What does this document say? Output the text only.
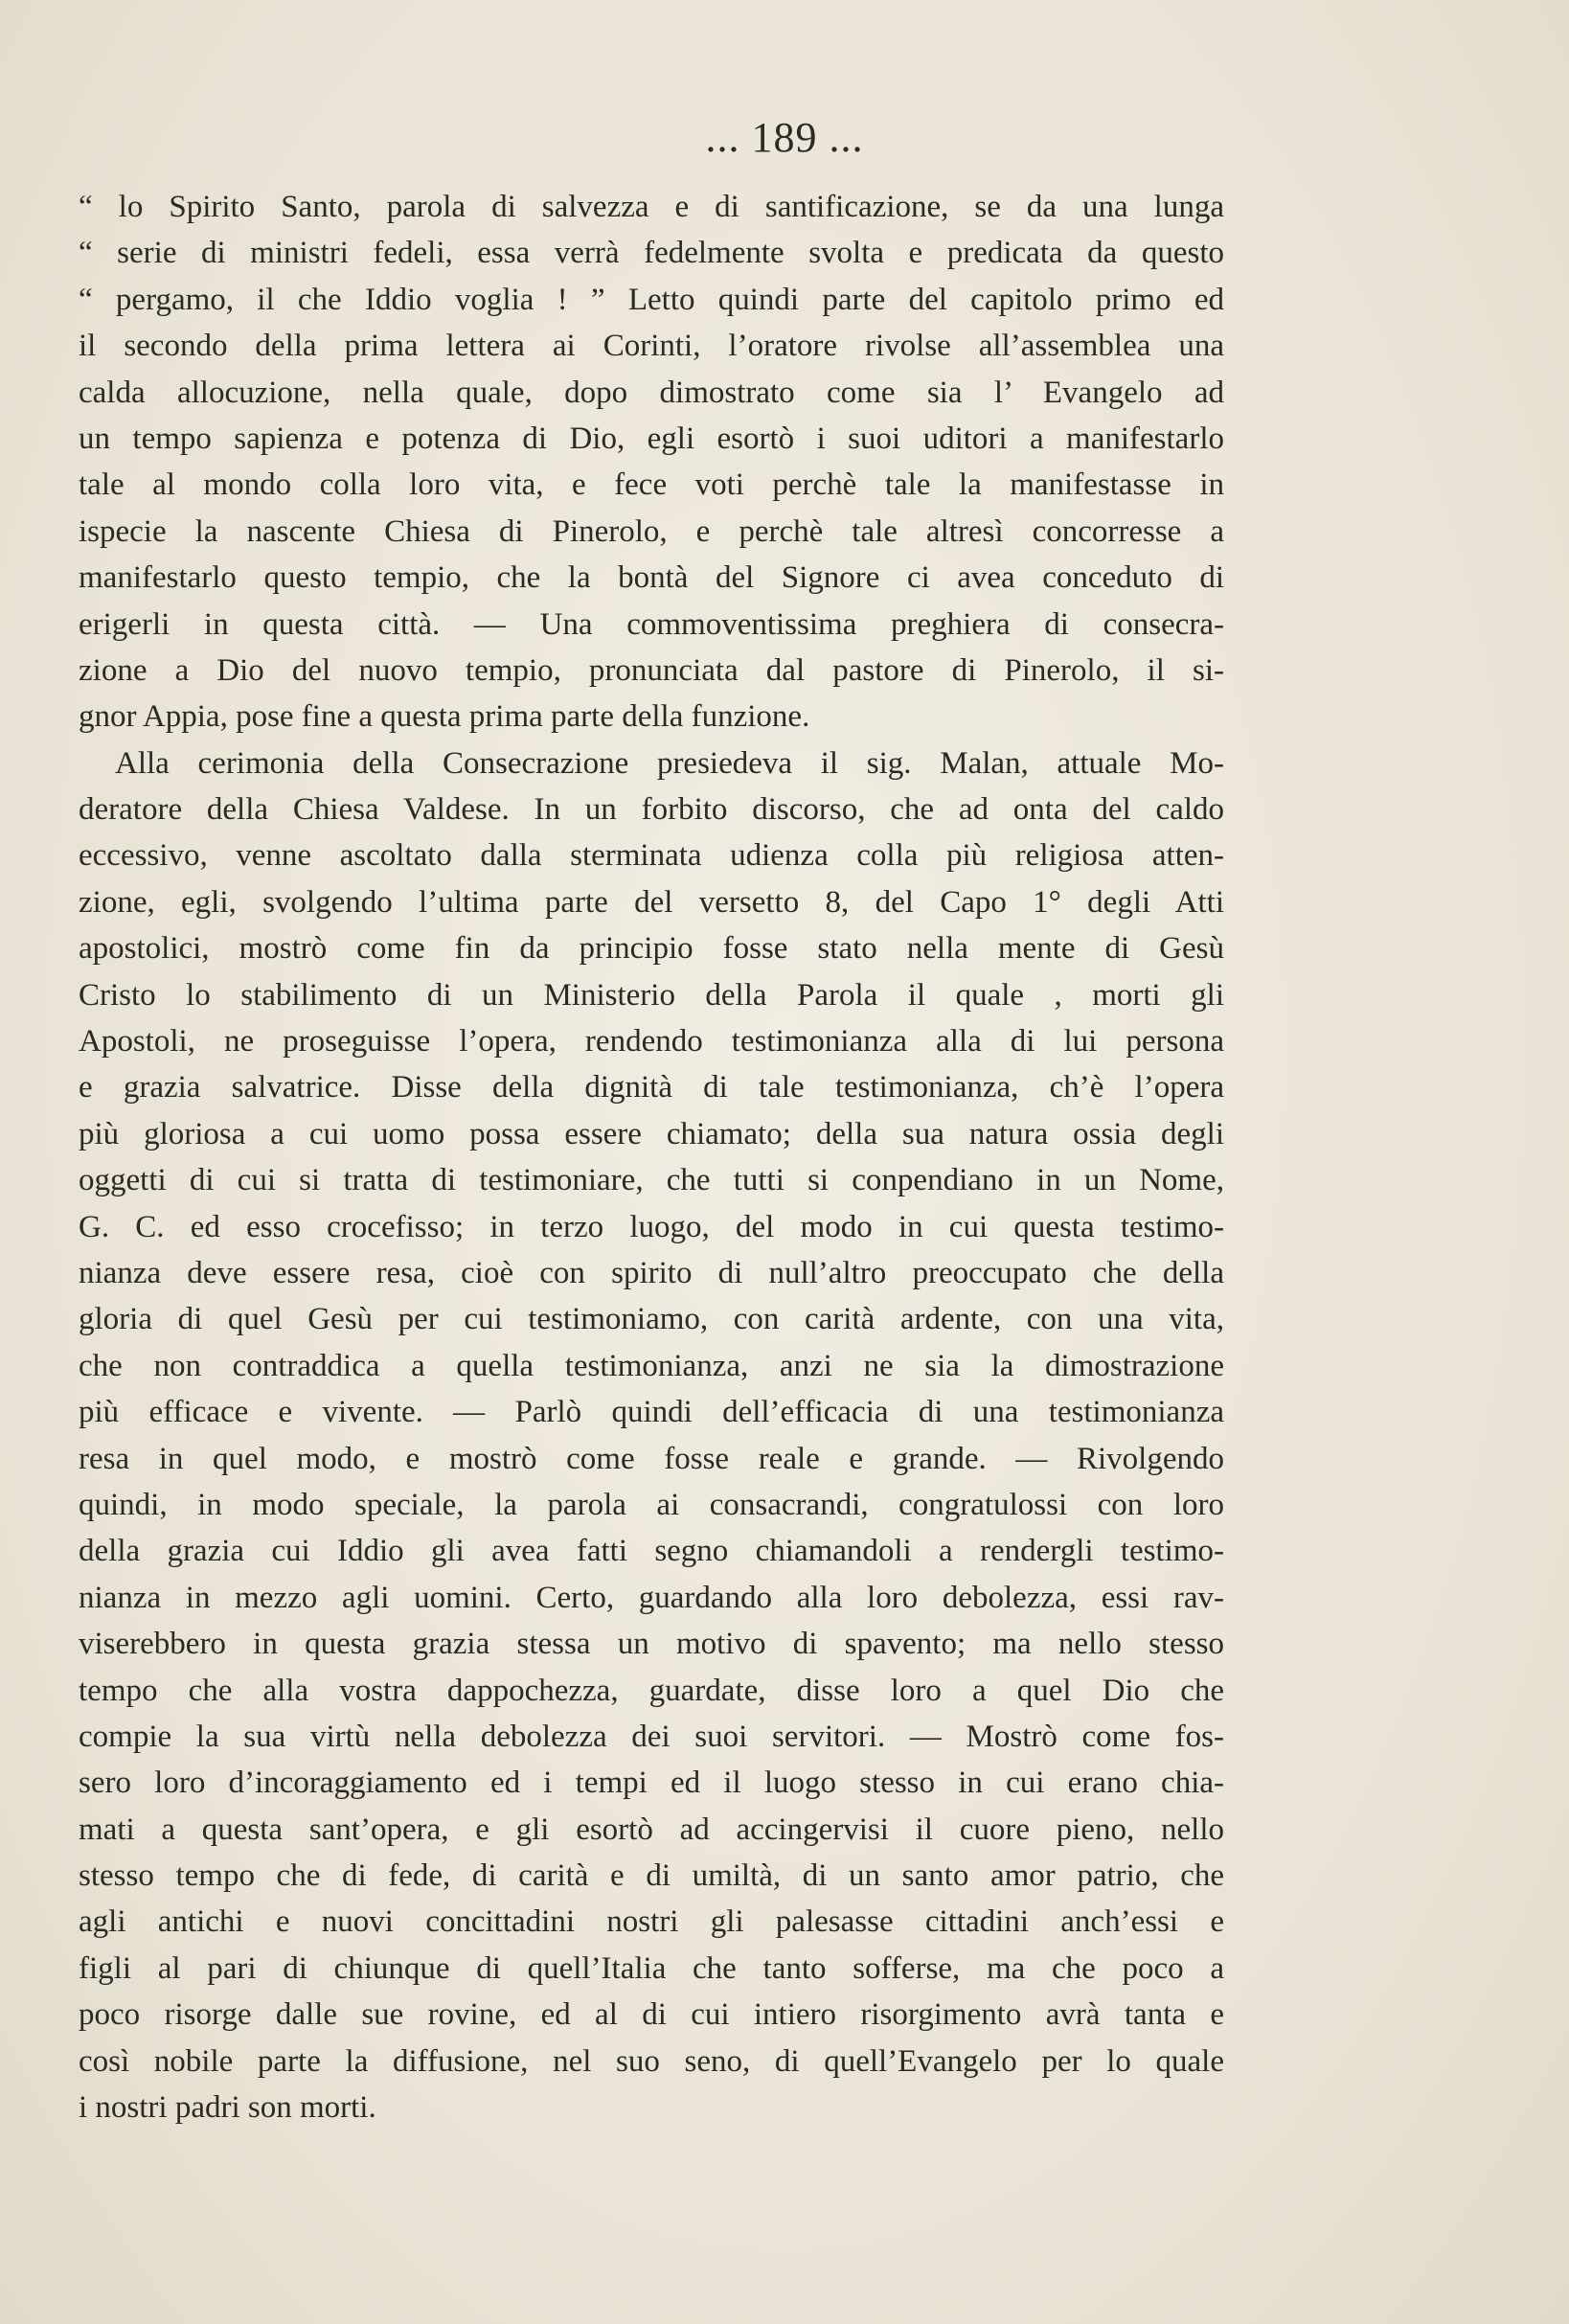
... 189 ...
“ lo Spirito Santo, parola di salvezza e di santificazione, se da una lunga
“ serie di ministri fedeli, essa verrà fedelmente svolta e predicata da questo
“ pergamo, il che Iddio voglia ! ” Letto quindi parte del capitolo primo ed
il secondo della prima lettera ai Corinti, l’oratore rivolse all’assemblea una
calda allocuzione, nella quale, dopo dimostrato come sia l’ Evangelo ad
un tempo sapienza e potenza di Dio, egli esortò i suoi uditori a manifestarlo
tale al mondo colla loro vita, e fece voti perchè tale la manifestasse in
ispecie la nascente Chiesa di Pinerolo, e perchè tale altresì concorresse a
manifestarlo questo tempio, che la bontà del Signore ci avea conceduto di
erigerli in questa città. — Una commoventissima preghiera di consecra-
zione a Dio del nuovo tempio, pronunciata dal pastore di Pinerolo, il si-
gnor Appia, pose fine a questa prima parte della funzione.
Alla cerimonia della Consecrazione presiedeva il sig. Malan, attuale Mo-
deratore della Chiesa Valdese. In un forbito discorso, che ad onta del caldo
eccessivo, venne ascoltato dalla sterminata udienza colla più religiosa atten-
zione, egli, svolgendo l’ultima parte del versetto 8, del Capo 1° degli Atti
apostolici, mostrò come fin da principio fosse stato nella mente di Gesù
Cristo lo stabilimento di un Ministerio della Parola il quale , morti gli
Apostoli, ne proseguisse l’opera, rendendo testimonianza alla di lui persona
e grazia salvatrice. Disse della dignità di tale testimonianza, ch’è l’opera
più gloriosa a cui uomo possa essere chiamato; della sua natura ossia degli
oggetti di cui si tratta di testimoniare, che tutti si conpendiano in un Nome,
G. C. ed esso crocefisso; in terzo luogo, del modo in cui questa testimo-
nianza deve essere resa, cioè con spirito di null’altro preoccupato che della
gloria di quel Gesù per cui testimoniamo, con carità ardente, con una vita,
che non contraddica a quella testimonianza, anzi ne sia la dimostrazione
più efficace e vivente. — Parlò quindi dell’efficacia di una testimonianza
resa in quel modo, e mostrò come fosse reale e grande. — Rivolgendo
quindi, in modo speciale, la parola ai consacrandi, congratulossi con loro
della grazia cui Iddio gli avea fatti segno chiamandoli a rendergli testimo-
nianza in mezzo agli uomini. Certo, guardando alla loro debolezza, essi rav-
viserebbero in questa grazia stessa un motivo di spavento; ma nello stesso
tempo che alla vostra dappochezza, guardate, disse loro a quel Dio che
compie la sua virtù nella debolezza dei suoi servitori. — Mostrò come fos-
sero loro d’incoraggiamento ed i tempi ed il luogo stesso in cui erano chia-
mati a questa sant’opera, e gli esortò ad accingervisi il cuore pieno, nello
stesso tempo che di fede, di carità e di umiltà, di un santo amor patrio, che
agli antichi e nuovi concittadini nostri gli palesasse cittadini anch’essi e
figli al pari di chiunque di quell’Italia che tanto sofferse, ma che poco a
poco risorge dalle sue rovine, ed al di cui intiero risorgimento avrà tanta e
così nobile parte la diffusione, nel suo seno, di quell’Evangelo per lo quale
i nostri padri son morti.
